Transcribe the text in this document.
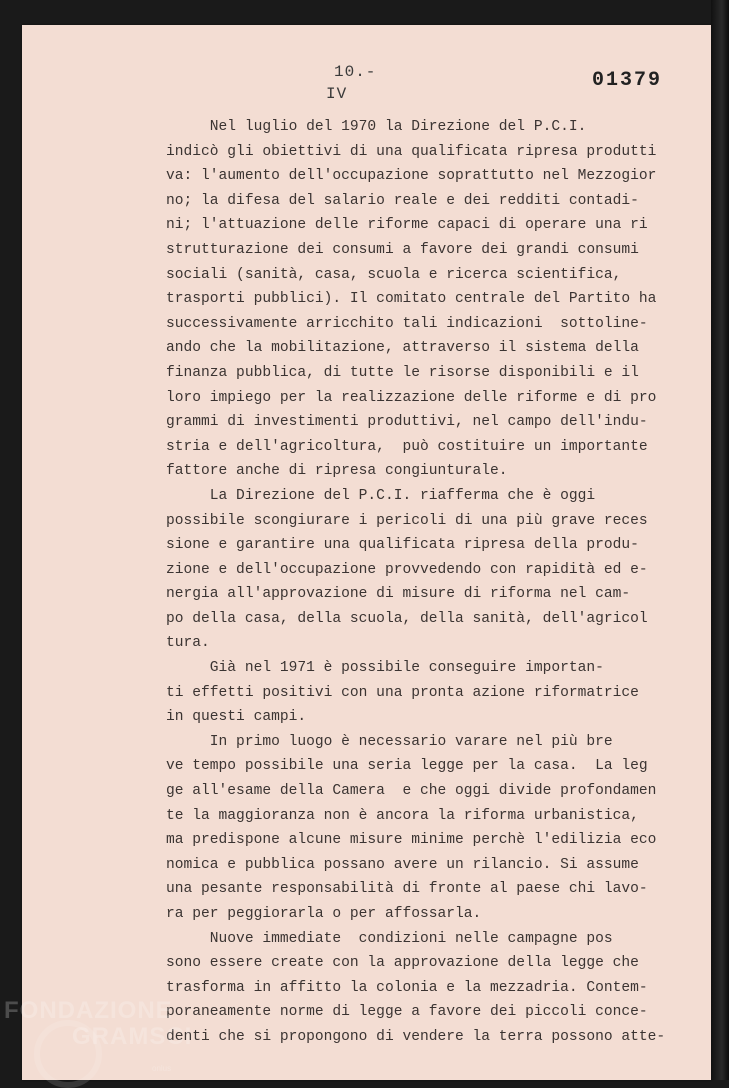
10.-
IV
01379
Nel luglio del 1970 la Direzione del P.C.I.
indicò gli obiettivi di una qualificata ripresa produtti
va: l'aumento dell'occupazione soprattutto nel Mezzogior
no; la difesa del salario reale e dei redditi contadi-
ni; l'attuazione delle riforme capaci di operare una ri
strutturazione dei consumi a favore dei grandi consumi
sociali (sanità, casa, scuola e ricerca scientifica,
trasporti pubblici). Il comitato centrale del Partito ha
successivamente arricchito tali indicazioni  sottoline-
ando che la mobilitazione, attraverso il sistema della
finanza pubblica, di tutte le risorse disponibili e il
loro impiego per la realizzazione delle riforme e di pro
grammi di investimenti produttivi, nel campo dell'indu-
stria e dell'agricoltura,  può costituire un importante
fattore anche di ripresa congiunturale.
La Direzione del P.C.I. riafferma che è oggi
possibile scongiurare i pericoli di una più grave reces
sione e garantire una qualificata ripresa della produ-
zione e dell'occupazione provvedendo con rapidità ed e-
nergia all'approvazione di misure di riforma nel cam-
po della casa, della scuola, della sanità, dell'agricol
tura.
Già nel 1971 è possibile conseguire importan-
ti effetti positivi con una pronta azione riformatrice
in questi campi.
In primo luogo è necessario varare nel più bre
ve tempo possibile una seria legge per la casa.  La leg
ge all'esame della Camera  e che oggi divide profondamen
te la maggioranza non è ancora la riforma urbanistica,
ma predispone alcune misure minime perchè l'edilizia eco
nomica e pubblica possano avere un rilancio. Si assume
una pesante responsabilità di fronte al paese chi lavo-
ra per peggiorarla o per affossarla.
Nuove immediate  condizioni nelle campagne pos
sono essere create con la approvazione della legge che
trasforma in affitto la colonia e la mezzadria. Contem-
poraneamente norme di legge a favore dei piccoli conce-
denti che si propongono di vendere la terra possono atte-
FONDAZIONE
GRAMSCI
onlus
